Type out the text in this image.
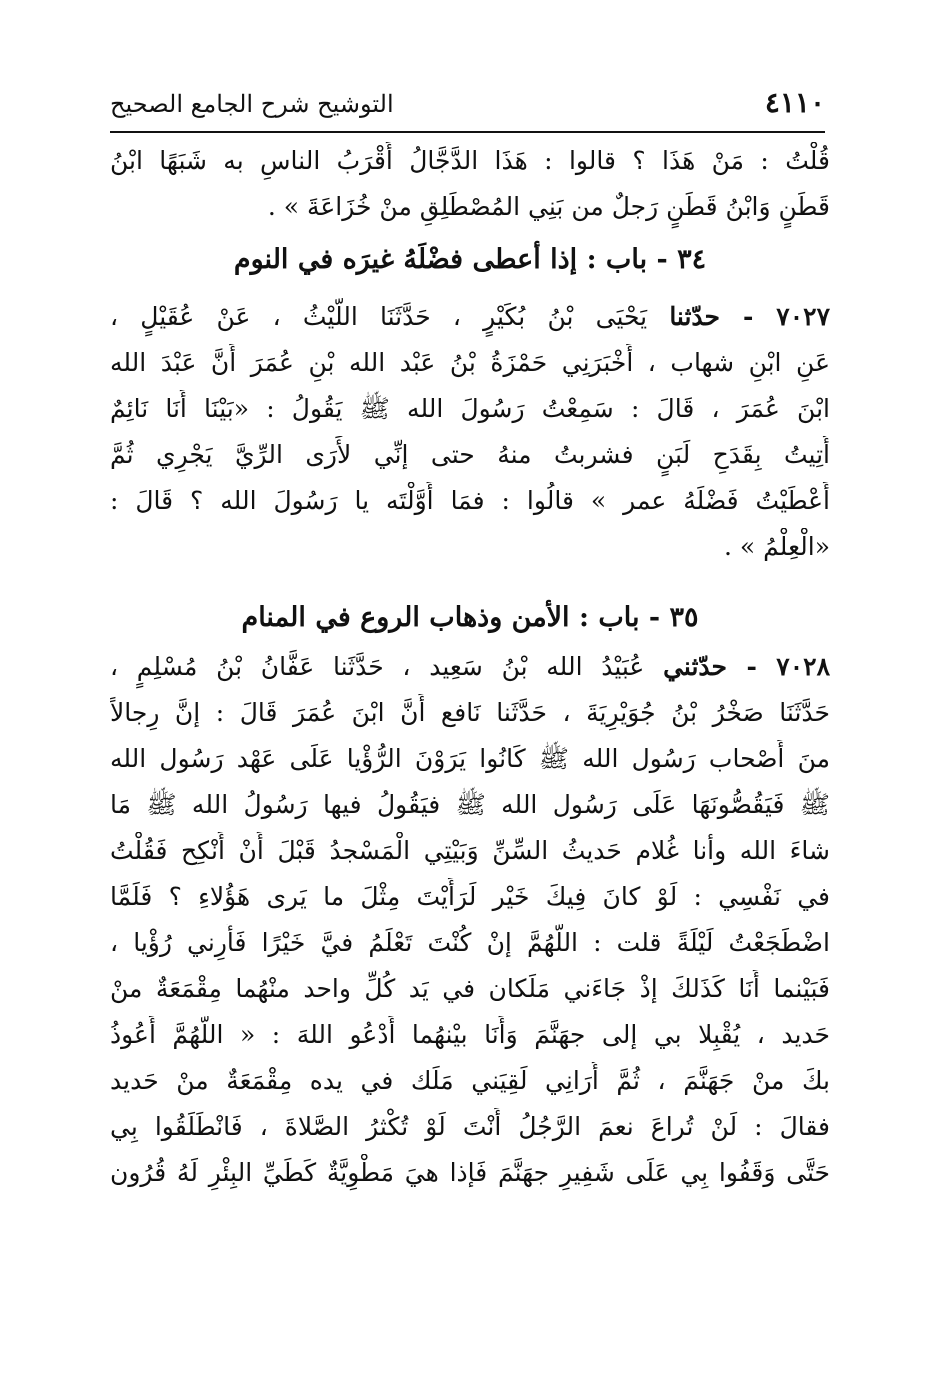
٤١١٠
التوشيح شرح الجامع الصحيح
قُلْتُ : مَنْ هَذَا ؟ قالوا : هَذَا الدَّجَّالُ أَقْرَبُ الناسِ به شَبَهًا ابْنُ
قَطَنٍ وَابْنُ قَطَنٍ رَجلٌ من بَنِي المُصْطَلِقِ منْ خُزَاعَةَ » .
٣٤ - باب : إذا أعطى فضْلَهُ غيرَه في النوم
٧٠٢٧ - حدّثنا يَحْيَى بْنُ بُكَيْرٍ ، حَدَّثَنَا اللَّيْثُ ، عَنْ عُقَيْلٍ ،
عَنِ ابْنِ شهاب ، أَخْبَرَنِي حَمْزَةُ بْنُ عَبْد الله بْنِ عُمَرَ أَنَّ عَبْدَ الله
ابْنَ عُمَرَ ، قَالَ : سَمِعْتُ رَسُولَ الله ﷺ يَقُولُ : «بَيْنَا أَنَا نَائِمٌ
أُتِيتُ بِقَدَحِ لَبَنٍ فشربتُ منهُ حتى إنِّي لأَرَى الرِّيَّ يَجْرِي ثُمَّ
أَعْطَيْتُ فَضْلَهُ عمر » قالُوا : فمَا أَوَّلْتَه يا رَسُولَ الله ؟ قَالَ :
«الْعِلْمُ » .
٣٥ - باب : الأمن وذهاب الروع في المنام
٧٠٢٨ - حدّثني عُبَيْدُ الله بْنُ سَعِيد ، حَدَّثَنا عَفَّانُ بْنُ مُسْلِمٍ ،
حَدَّثَنَا صَخْرُ بْنُ جُوَيْرِيَةَ ، حَدَّثَنا نَافع أَنَّ ابْنَ عُمَرَ قَالَ : إنَّ رِجالاً
منَ أَصْحاب رَسُول الله ﷺ كَانُوا يَرَوْنَ الرُّؤْيا عَلَى عَهْد رَسُول الله
ﷺ فَيَقُصُّونَهَا عَلَى رَسُول الله ﷺ فيَقُولُ فيها رَسُولُ الله ﷺ مَا
شاءَ الله وأنا غُلام حَديثُ السِّنِّ وَبَيْتِي الْمَسْجدُ قَبْلَ أَنْ أَنْكِح فَقُلْتُ
في نَفْسِي : لَوْ كانَ فِيكَ خَيْر لَرَأَيْتَ مِثْلَ ما يَرى هَؤُلاءِ ؟ فَلَمَّا
اضْطَجَعْتُ لَيْلَةً قلت : اللَّهُمَّ إنْ كُنْتَ تَعْلَمُ فيَّ خَيْرًا فَأَرِني رُؤْيا ،
فَبَيْنما أَنَا كَذَلكَ إذْ جَاءَني مَلَكان في يَد كُلِّ واحد منْهُما مِقْمَعَةٌ منْ
حَديد ، يُقْبِلا بي إلى جهَنَّمَ وَأَنَا بيْنهُما أَدْعُو اللهَ : « اللَّهُمَّ أَعُوذُ
بكَ منْ جَهَنَّمَ ، ثُمَّ أُرَانِي لَقِيَني مَلَك في يده مِقْمَعَةٌ منْ حَديد
فقالَ : لَنْ تُراعَ نعمَ الرَّجُلُ أَنْتَ لَوْ تُكْثرُ الصَّلاةَ ، فَانْطَلَقُوا بِي
حَتَّى وَقَفُوا بِي عَلَى شَفِيرِ جهَنَّمَ فَإذا هيَ مَطْوِيَّةٌ كَطَيِّ البِئْرِ لَهُ قُرُون
